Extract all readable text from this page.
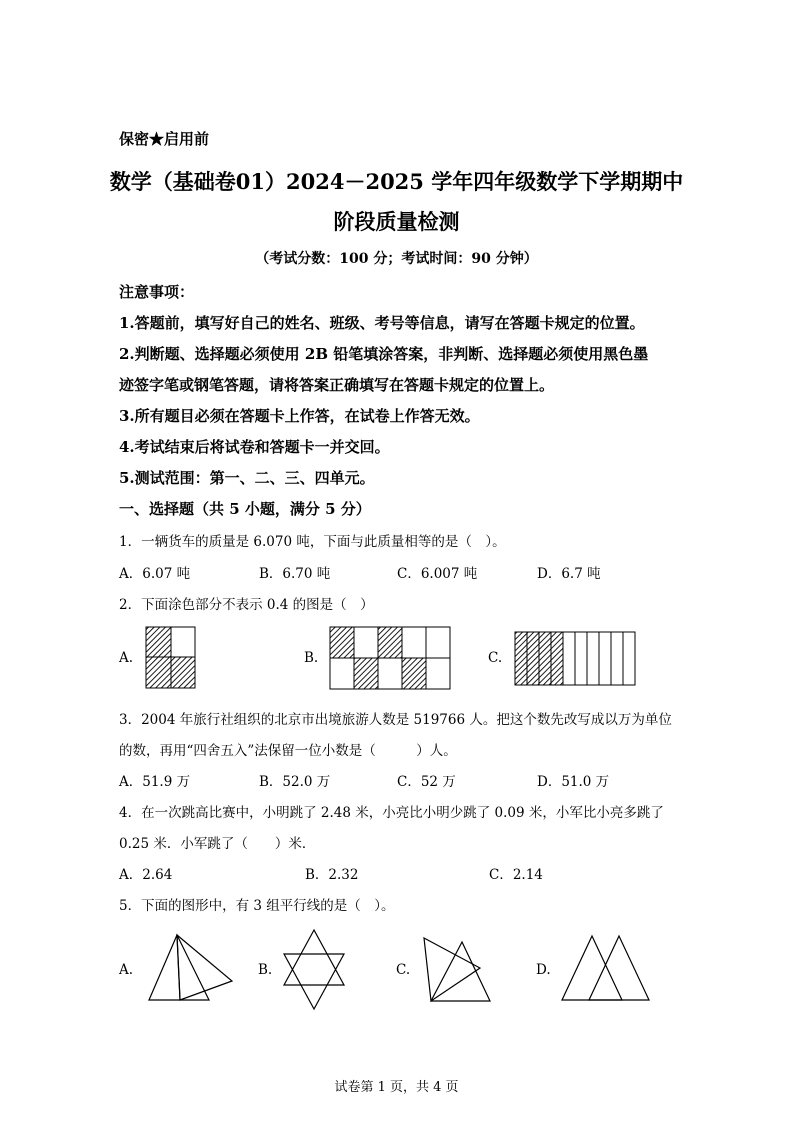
保密★启用前
数学（基础卷01）2024－2025 学年四年级数学下学期期中
阶段质量检测
（考试分数：100 分；考试时间：90 分钟）
注意事项：
1.答题前，填写好自己的姓名、班级、考号等信息，请写在答题卡规定的位置。
2.判断题、选择题必须使用 2B 铅笔填涂答案，非判断、选择题必须使用黑色墨
迹签字笔或钢笔答题，请将答案正确填写在答题卡规定的位置上。
3.所有题目必须在答题卡上作答，在试卷上作答无效。
4.考试结束后将试卷和答题卡一并交回。
5.测试范围：第一、二、三、四单元。
一、选择题（共 5 小题，满分 5 分）
1．一辆货车的质量是 6.070 吨，下面与此质量相等的是（　）。
A．6.07 吨	B．6.70 吨	C．6.007 吨	D．6.7 吨
2．下面涂色部分不表示 0.4 的图是（　）
A.	B.	C.
3．2004 年旅行社组织的北京市出境旅游人数是 519766 人。把这个数先改写成以万为单位
的数，再用“四舍五入”法保留一位小数是（　　　）人。
A．51.9 万	B．52.0 万	C．52 万	D．51.0 万
4．在一次跳高比赛中，小明跳了 2.48 米，小亮比小明少跳了 0.09 米，小军比小亮多跳了
0.25 米．小军跳了（　　）米．
A．2.64	B．2.32	C．2.14
5．下面的图形中，有 3 组平行线的是（　）。
A.	B.	C.	D.
试卷第 1 页，共 4 页
